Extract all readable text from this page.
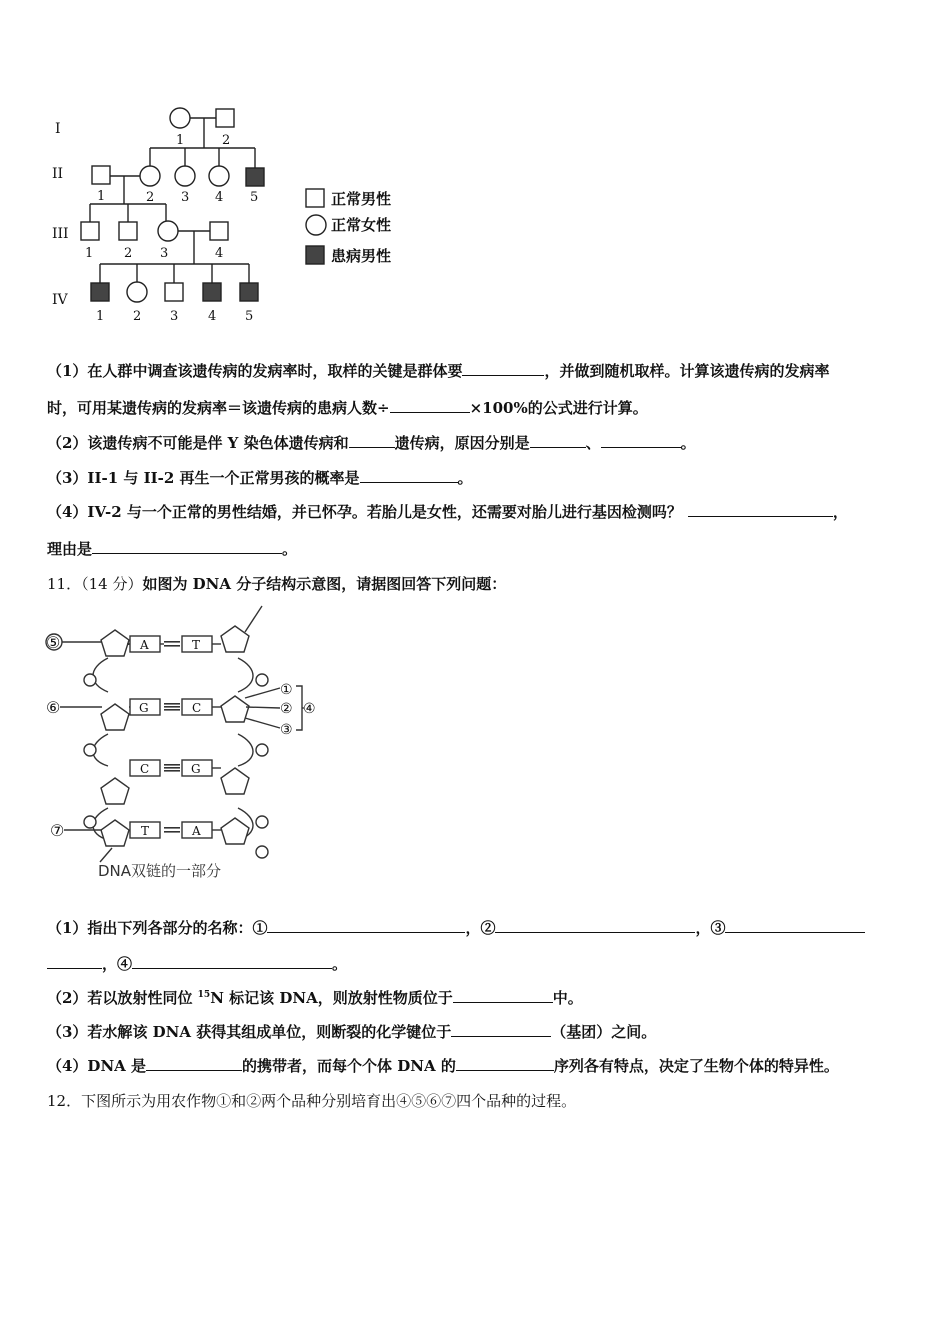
I
II
III
IV
1	2
1	2 3 4 5
1 2 3	4
1 2 3 4 5
正常男性
正常女性
患病男性
（1）在人群中调查该遗传病的发病率时，取样的关键是群体要	，并做到随机取样。计算该遗传病的发病率
时，可用某遗传病的发病率＝该遗传病的患病人数÷	×100%的公式进行计算。
（2）该遗传病不可能是伴 Y 染色体遗传病和	遗传病，原因分别是	、	。
（3）II-1 与 II-2 再生一个正常男孩的概率是	。
（4）IV-2 与一个正常的男性结婚，并已怀孕。若胎儿是女性，还需要对胎儿进行基因检测吗？	，
理由是	。
11．（14 分）如图为 DNA 分子结构示意图，请据图回答下列问题：
A	T
G	C
C	G
T	A
⑤
⑥
⑦
①
②
③
④
DNA双链的一部分
（1）指出下列各部分的名称：①	，②	，③
，④	。
（2）若以放射性同位 $^{15}$N 标记该 DNA，则放射性物质位于	中。
（3）若水解该 DNA 获得其组成单位，则断裂的化学键位于	（基团）之间。
（4）DNA 是	的携带者，而每个个体 DNA 的	序列各有特点，决定了生物个体的特异性。
12．下图所示为用农作物①和②两个品种分别培育出④⑤⑥⑦四个品种的过程。
